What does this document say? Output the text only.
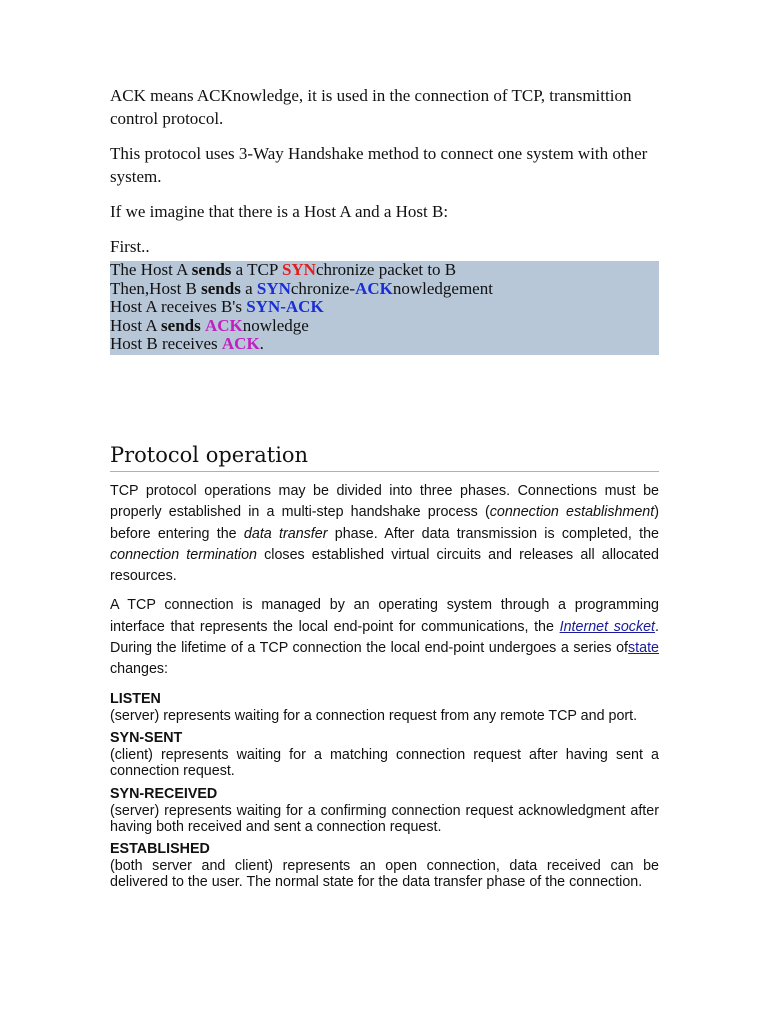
ACK means ACKnowledge, it is used in the connection of TCP, transmittion control protocol.

This protocol uses 3-Way Handshake method to connect one system with other system.

If we imagine that there is a Host A and a Host B:

First..

The Host A sends a TCP SYNchronize packet to B
Then,Host B sends a SYNchronize-ACKnowledgement
Host A receives B's SYN-ACK
Host A sends ACKnowledge
Host B receives ACK.
Protocol operation

TCP protocol operations may be divided into three phases. Connections must be properly established in a multi-step handshake process (connection establishment) before entering the data transfer phase. After data transmission is completed, the connection termination closes established virtual circuits and releases all allocated resources.

A TCP connection is managed by an operating system through a programming interface that represents the local end-point for communications, the Internet socket. During the lifetime of a TCP connection the local end-point undergoes a series ofstate changes:

LISTEN
(server) represents waiting for a connection request from any remote TCP and port.
SYN-SENT
(client) represents waiting for a matching connection request after having sent a connection request.
SYN-RECEIVED
(server) represents waiting for a confirming connection request acknowledgment after having both received and sent a connection request.
ESTABLISHED
(both server and client) represents an open connection, data received can be delivered to the user. The normal state for the data transfer phase of the connection.
